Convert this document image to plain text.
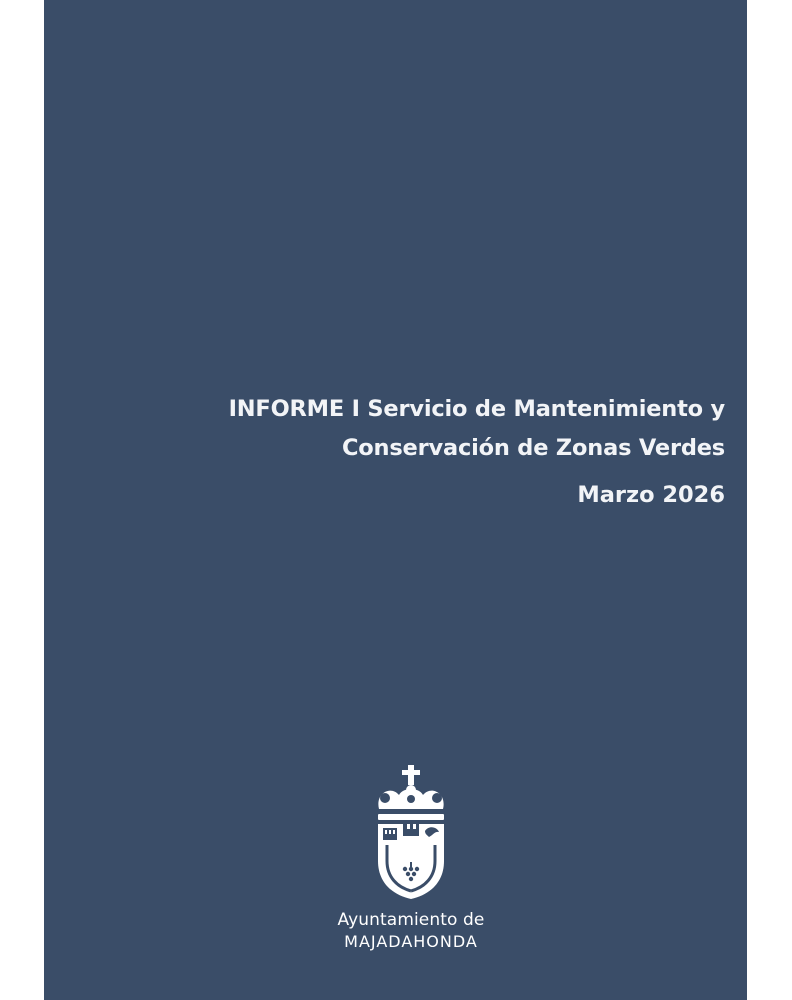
INFORME I Servicio de Mantenimiento y
Conservación de Zonas Verdes
Marzo 2026
Ayuntamiento de
MAJADAHONDA
